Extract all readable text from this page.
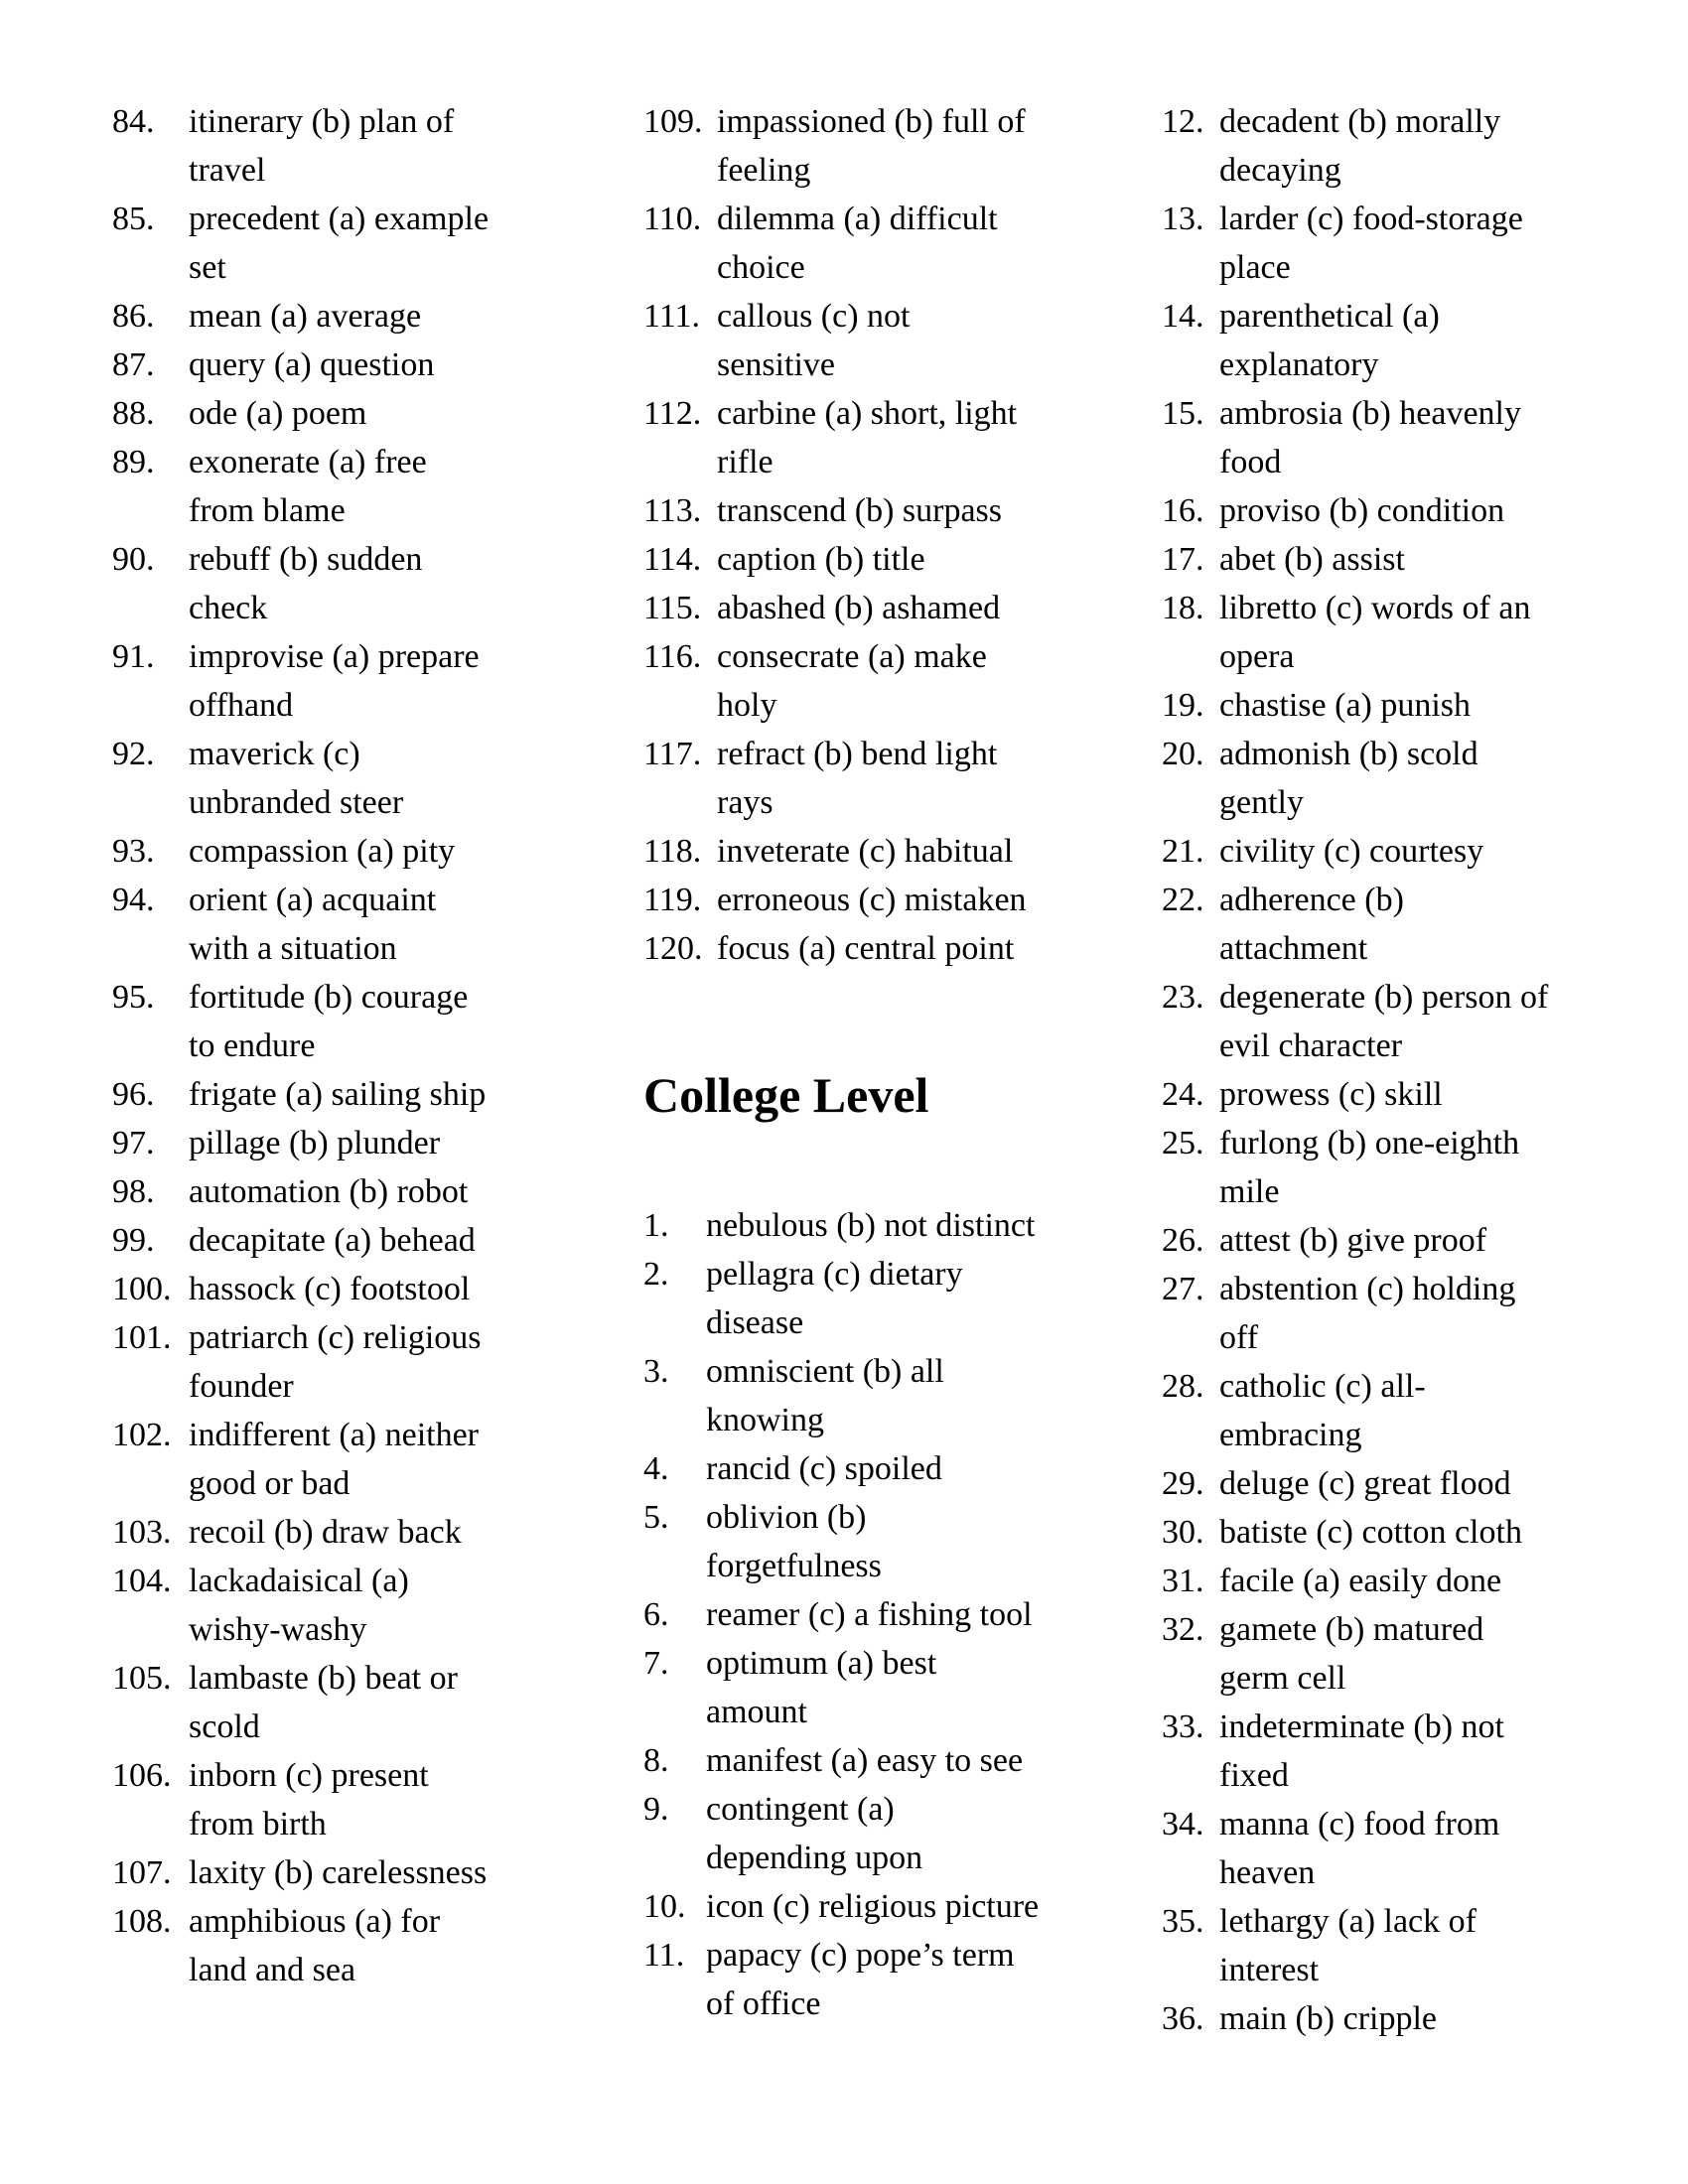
84.	itinerary (b) plan of
travel
85.	precedent (a) example
set
86.	mean (a) average
87.	query (a) question
88.	ode (a) poem
89.	exonerate (a) free
from blame
90.	rebuff (b) sudden
check
91.	improvise (a) prepare
offhand
92.	maverick (c)
unbranded steer
93.	compassion (a) pity
94.	orient (a) acquaint
with a situation
95.	fortitude (b) courage
to endure
96.	frigate (a) sailing ship
97.	pillage (b) plunder
98.	automation (b) robot
99.	decapitate (a) behead
100. hassock (c) footstool
101. patriarch (c) religious
founder
102. indifferent (a) neither
good or bad
103. recoil (b) draw back
104. lackadaisical (a)
wishy-washy
105. lambaste (b) beat or
scold
106. inborn (c) present
from birth
107. laxity (b) carelessness
108. amphibious (a) for
land and sea
109. impassioned (b) full of
feeling
110. dilemma (a) difficult
choice
111. callous (c) not
sensitive
112. carbine (a) short, light
rifle
113. transcend (b) surpass
114. caption (b) title
115. abashed (b) ashamed
116. consecrate (a) make
holy
117. refract (b) bend light
rays
118. inveterate (c) habitual
119. erroneous (c) mistaken
120. focus (a) central point
College Level
1.	nebulous (b) not distinct
2.	pellagra (c) dietary
disease
3.	omniscient (b) all
knowing
4.	rancid (c) spoiled
5.	oblivion (b)
forgetfulness
6.	reamer (c) a fishing tool
7.	optimum (a) best
amount
8.	manifest (a) easy to see
9.	contingent (a)
depending upon
10. icon (c) religious picture
11. papacy (c) pope’s term
of office
12. decadent (b) morally
decaying
13. larder (c) food-storage
place
14. parenthetical (a)
explanatory
15. ambrosia (b) heavenly
food
16. proviso (b) condition
17. abet (b) assist
18. libretto (c) words of an
opera
19. chastise (a) punish
20. admonish (b) scold
gently
21. civility (c) courtesy
22. adherence (b)
attachment
23. degenerate (b) person of
evil character
24. prowess (c) skill
25. furlong (b) one-eighth
mile
26. attest (b) give proof
27. abstention (c) holding
off
28. catholic (c) all-
embracing
29. deluge (c) great flood
30. batiste (c) cotton cloth
31. facile (a) easily done
32. gamete (b) matured
germ cell
33. indeterminate (b) not
fixed
34. manna (c) food from
heaven
35. lethargy (a) lack of
interest
36. main (b) cripple
